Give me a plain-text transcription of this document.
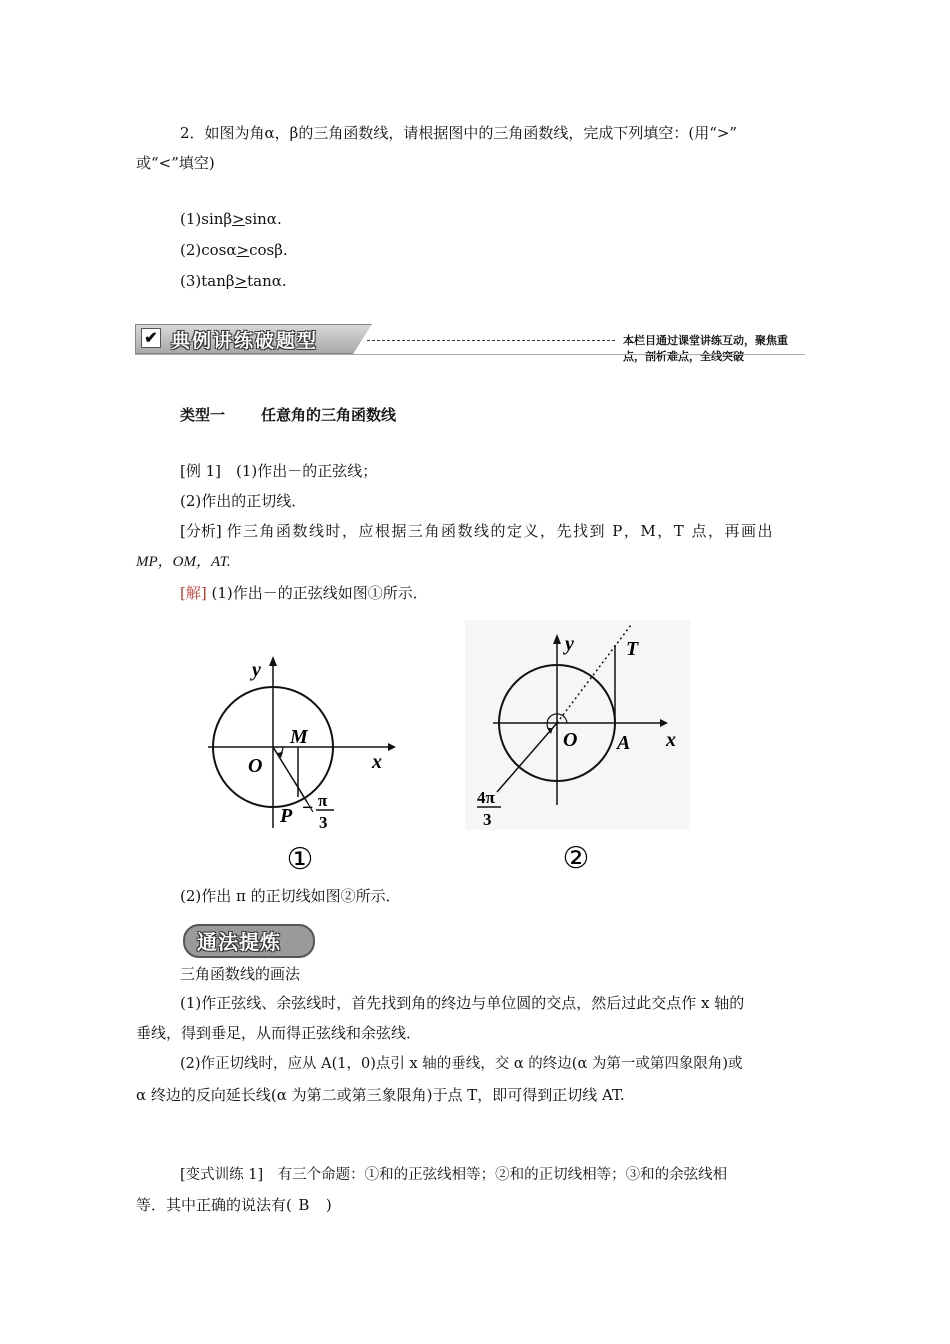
2．如图为角α，β的三角函数线，请根据图中的三角函数线，完成下列填空：(用“>”
或“<”填空)
(1)sinβ>sinα.
(2)cosα>cosβ.
(3)tanβ>tanα.
✔ 典例讲练破题型	本栏目通过课堂讲练互动，聚焦重点，剖析难点，全线突破
类型一 任意角的三角函数线
[例 1]　(1)作出－的正弦线；
(2)作出的正切线．
[分析] 作三角函数线时，应根据三角函数线的定义，先找到 P，M，T 点，再画出
MP，OM，AT.
[解] (1)作出－的正弦线如图①所示．
y
x
O
M
P − π
3
①
y
x
O A
T
4π
3
②
(2)作出 π 的正切线如图②所示．
通法提炼
三角函数线的画法
(1)作正弦线、余弦线时，首先找到角的终边与单位圆的交点，然后过此交点作 x 轴的
垂线，得到垂足，从而得正弦线和余弦线．
(2)作正切线时，应从 A(1，0)点引 x 轴的垂线，交 α 的终边(α 为第一或第四象限角)或
α 终边的反向延长线(α 为第二或第三象限角)于点 T，即可得到正切线 AT.
[变式训练 1]　有三个命题：①和的正弦线相等；②和的正切线相等；③和的余弦线相
等．其中正确的说法有( B )
